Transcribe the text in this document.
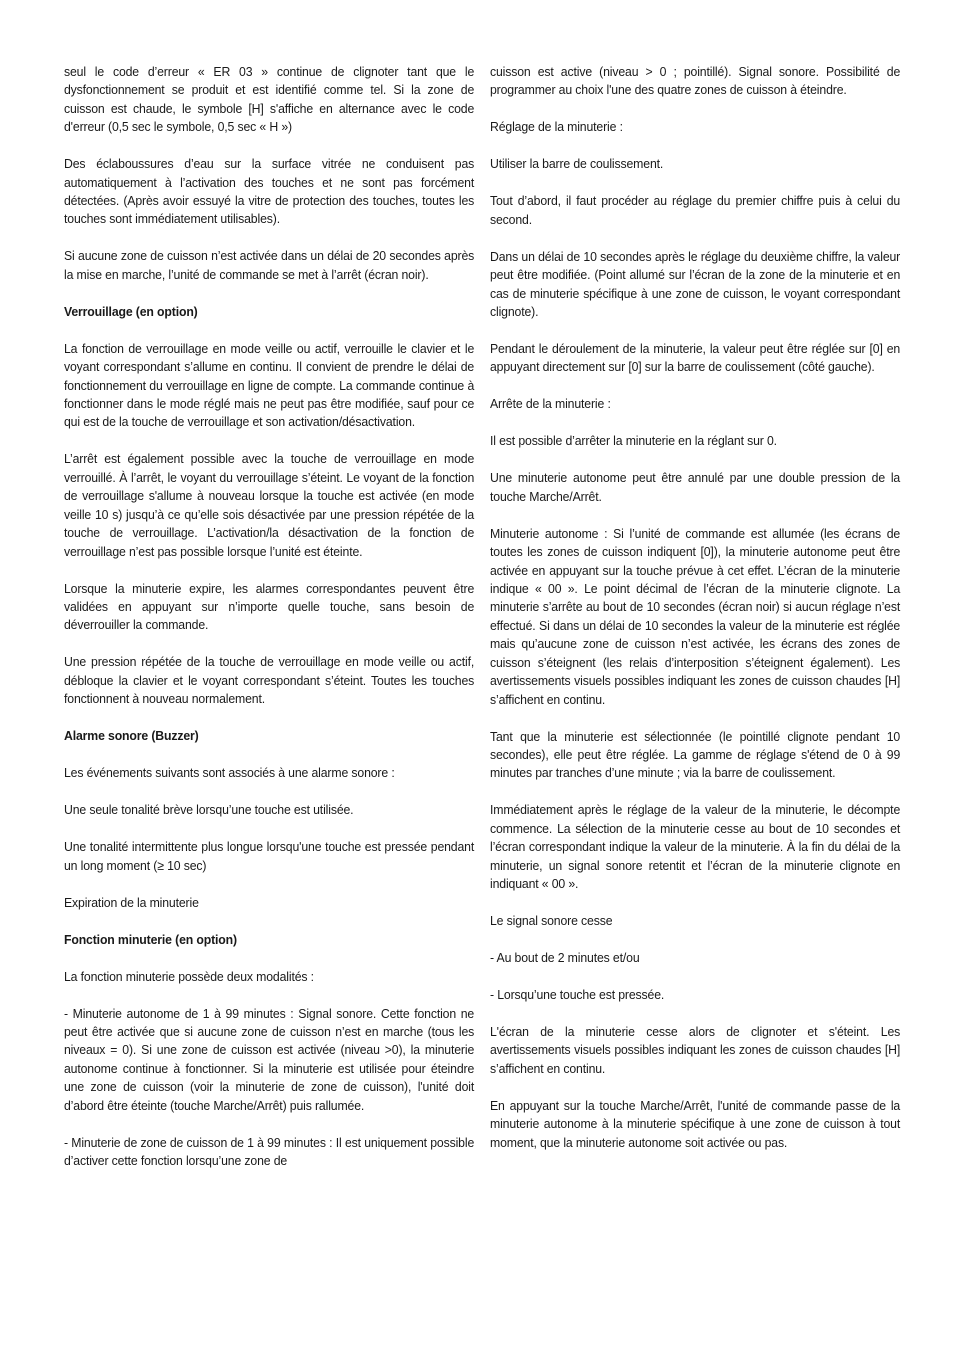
seul le code d’erreur « ER 03 » continue de clignoter tant que le dysfonctionnement se produit et est identifié comme tel. Si la zone de cuisson est chaude, le symbole [H] s'affiche en alternance avec le code d'erreur (0,5 sec le symbole, 0,5 sec « H »)

Des éclaboussures d’eau sur la surface vitrée ne conduisent pas automatiquement à l’activation des touches et ne sont pas forcément détectées. (Après avoir essuyé la vitre de protection des touches, toutes les touches sont immédiatement utilisables).

Si aucune zone de cuisson n’est activée dans un délai de 20 secondes après la mise en marche, l’unité de commande se met à l’arrêt (écran noir).

Verrouillage (en option)

La fonction de verrouillage en mode veille ou actif, verrouille le clavier et le voyant correspondant s’allume en continu. Il convient de prendre le délai de fonctionnement du verrouillage en ligne de compte. La commande continue à fonctionner dans le mode réglé mais ne peut pas être modifiée, sauf pour ce qui est de la touche de verrouillage et son activation/désactivation.

L’arrêt est également possible avec la touche de verrouillage en mode verrouillé. À l’arrêt, le voyant du verrouillage s’éteint. Le voyant de la fonction de verrouillage s'allume à nouveau lorsque la touche est activée (en mode veille 10 s) jusqu’à ce qu’elle sois désactivée par une pression répétée de la touche de verrouillage. L’activation/la désactivation de la fonction de verrouillage n’est pas possible lorsque l’unité est éteinte.

Lorsque la minuterie expire, les alarmes correspondantes peuvent être validées en appuyant sur n’importe quelle touche, sans besoin de déverrouiller la commande.

Une pression répétée de la touche de verrouillage en mode veille ou actif, débloque la clavier et le voyant correspondant s’éteint. Toutes les touches fonctionnent à nouveau normalement.

Alarme sonore (Buzzer)

Les événements suivants sont associés à une alarme sonore :

Une seule tonalité brève lorsqu’une touche est utilisée.

Une tonalité intermittente plus longue lorsqu'une touche est pressée pendant un long moment (≥ 10 sec)

Expiration de la minuterie

Fonction minuterie (en option)

La fonction minuterie possède deux modalités :

- Minuterie autonome de 1 à 99 minutes : Signal sonore. Cette fonction ne peut être activée que si aucune zone de cuisson n’est en marche (tous les niveaux = 0). Si une zone de cuisson est activée (niveau >0), la minuterie autonome continue à fonctionner. Si la minuterie est utilisée pour éteindre une zone de cuisson (voir la minuterie de zone de cuisson), l'unité doit d’abord être éteinte (touche Marche/Arrêt) puis rallumée.

- Minuterie de zone de cuisson de 1 à 99 minutes : Il est uniquement possible d’activer cette fonction lorsqu’une zone de

cuisson est active (niveau > 0 ; pointillé). Signal sonore. Possibilité de programmer au choix l'une des quatre zones de cuisson à éteindre.

Réglage de la minuterie :

Utiliser la barre de coulissement.

Tout d’abord, il faut procéder au réglage du premier chiffre puis à celui du second.

Dans un délai de 10 secondes après le réglage du deuxième chiffre, la valeur peut être modifiée. (Point allumé sur l’écran de la zone de la minuterie et en cas de minuterie spécifique à une zone de cuisson, le voyant correspondant clignote).

Pendant le déroulement de la minuterie, la valeur peut être réglée sur [0] en appuyant directement sur [0] sur la barre de coulissement (côté gauche).

Arrête de la minuterie :

Il est possible d’arrêter la minuterie en la réglant sur 0.

Une minuterie autonome peut être annulé par une double pression de la touche Marche/Arrêt.

Minuterie autonome : Si l’unité de commande est allumée (les écrans de toutes les zones de cuisson indiquent [0]), la minuterie autonome peut être activée en appuyant sur la touche prévue à cet effet. L’écran de la minuterie indique « 00 ». Le point décimal de l’écran de la minuterie clignote. La minuterie s’arrête au bout de 10 secondes (écran noir) si aucun réglage n’est effectué. Si dans un délai de 10 secondes la valeur de la minuterie est réglée mais qu’aucune zone de cuisson n’est activée, les écrans des zones de cuisson s’éteignent (les relais d’interposition s’éteignent également). Les avertissements visuels possibles indiquant les zones de cuisson chaudes [H] s’affichent en continu.

Tant que la minuterie est sélectionnée (le pointillé clignote pendant 10 secondes), elle peut être réglée. La gamme de réglage s'étend de 0 à 99 minutes par tranches d’une minute ; via la barre de coulissement.

Immédiatement après le réglage de la valeur de la minuterie, le décompte commence. La sélection de la minuterie cesse au bout de 10 secondes et l’écran correspondant indique la valeur de la minuterie. À la fin du délai de la minuterie, un signal sonore retentit et l’écran de la minuterie clignote en indiquant « 00 ».

Le signal sonore cesse

- Au bout de 2 minutes et/ou

- Lorsqu’une touche est pressée.

L'écran de la minuterie cesse alors de clignoter et s'éteint. Les avertissements visuels possibles indiquant les zones de cuisson chaudes [H] s’affichent en continu.

En appuyant sur la touche Marche/Arrêt, l'unité de commande passe de la minuterie autonome à la minuterie spécifique à une zone de cuisson à tout moment, que la minuterie autonome soit activée ou pas.
